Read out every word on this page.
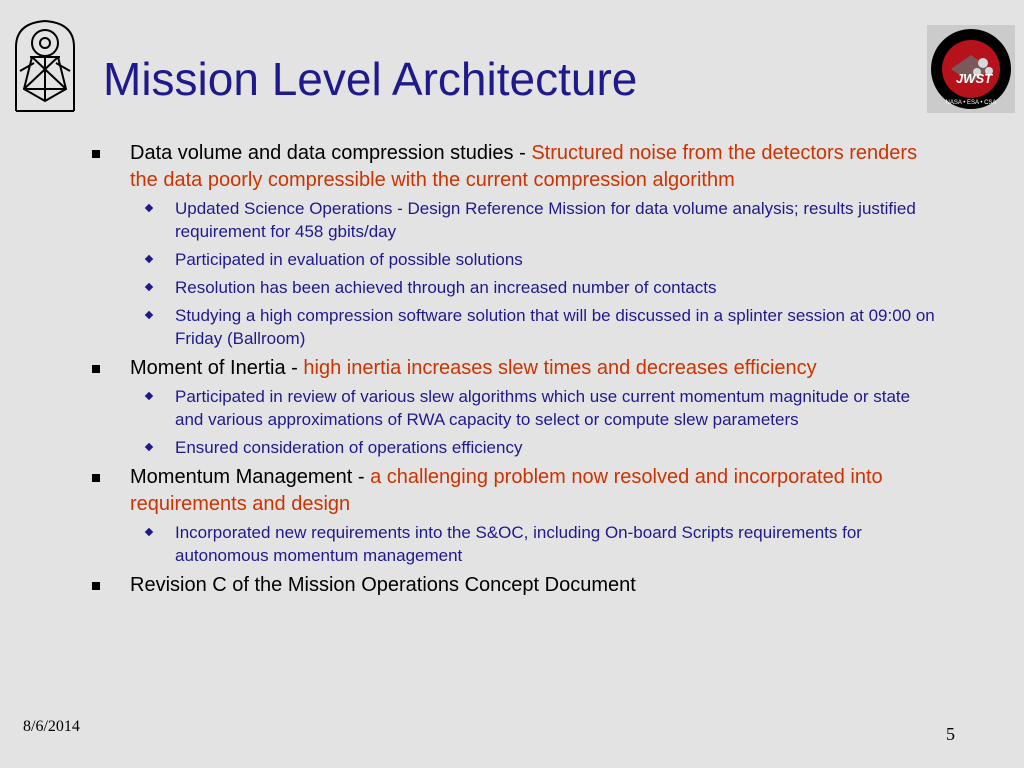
Mission Level Architecture	JWST
NASA • ESA • CSA
Data volume and data compression studies - Structured noise from the detectors renders the data poorly compressible with the current compression algorithm
Updated Science Operations - Design Reference Mission for data volume analysis; results justified requirement for 458 gbits/day
Participated in evaluation of possible solutions
Resolution has been achieved through an increased number of contacts
Studying a high compression software solution that will be discussed in a splinter session at 09:00 on Friday (Ballroom)
Moment of Inertia - high inertia increases slew times and decreases efficiency
Participated in review of various slew algorithms which use current momentum magnitude or state and various approximations of RWA capacity to select or compute slew parameters
Ensured consideration of operations efficiency
Momentum Management - a challenging problem now resolved and incorporated into requirements and design
Incorporated new requirements into the S&OC, including On-board Scripts requirements for autonomous momentum management
Revision C of the Mission Operations Concept Document
8/6/2014	5
